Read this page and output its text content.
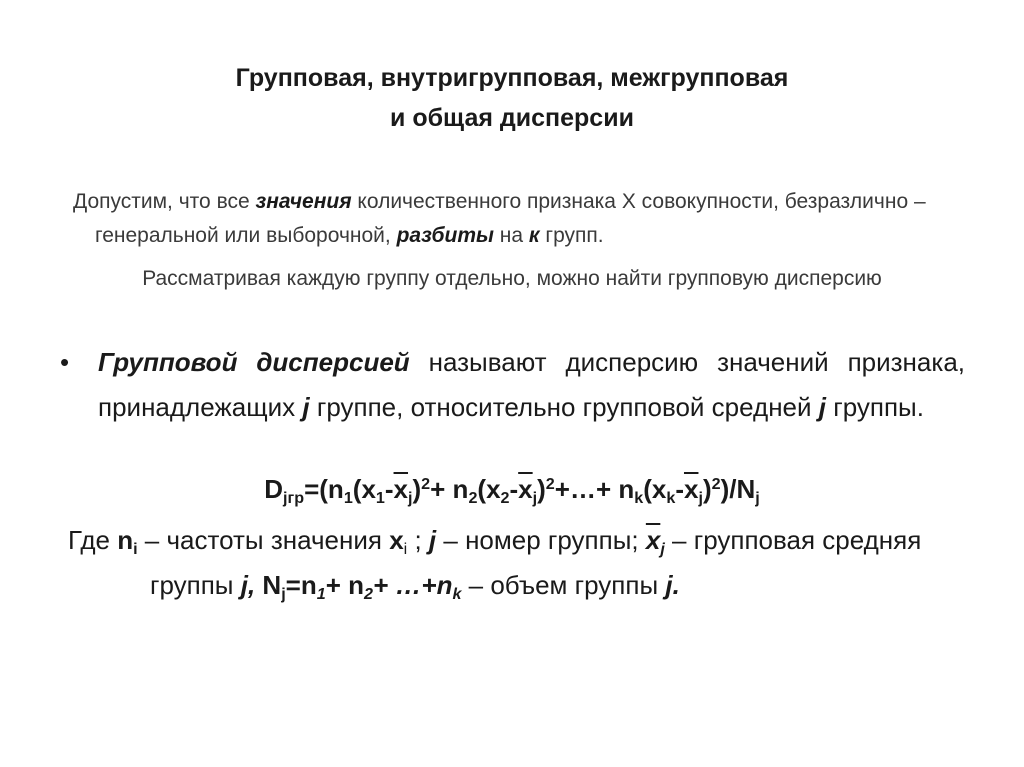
Групповая, внутригрупповая, межгрупповая
и общая дисперсии
Допустим, что все значения количественного признака Х совокупности, безразлично – генеральной или выборочной, разбиты на к групп.
Рассматривая каждую группу отдельно, можно найти групповую дисперсию
• Групповой дисперсией называют дисперсию значений признака, принадлежащих j группе, относительно групповой средней j группы.
$D_{jгр}=(n_1(x_1-\overline{x}_j)^2+$ $n_2(x_2-\overline{x}_j)^2+\dots+ n_k(x_k-\overline{x}_j)^2)/N_j$
Где $n_i$ – частоты значения $x_i$ ; j – номер группы; $\overline{x}_j$ – групповая средняя группы j, $N_j=n_1+ n_2+$ $\dots+n_k$ – объем группы j.
